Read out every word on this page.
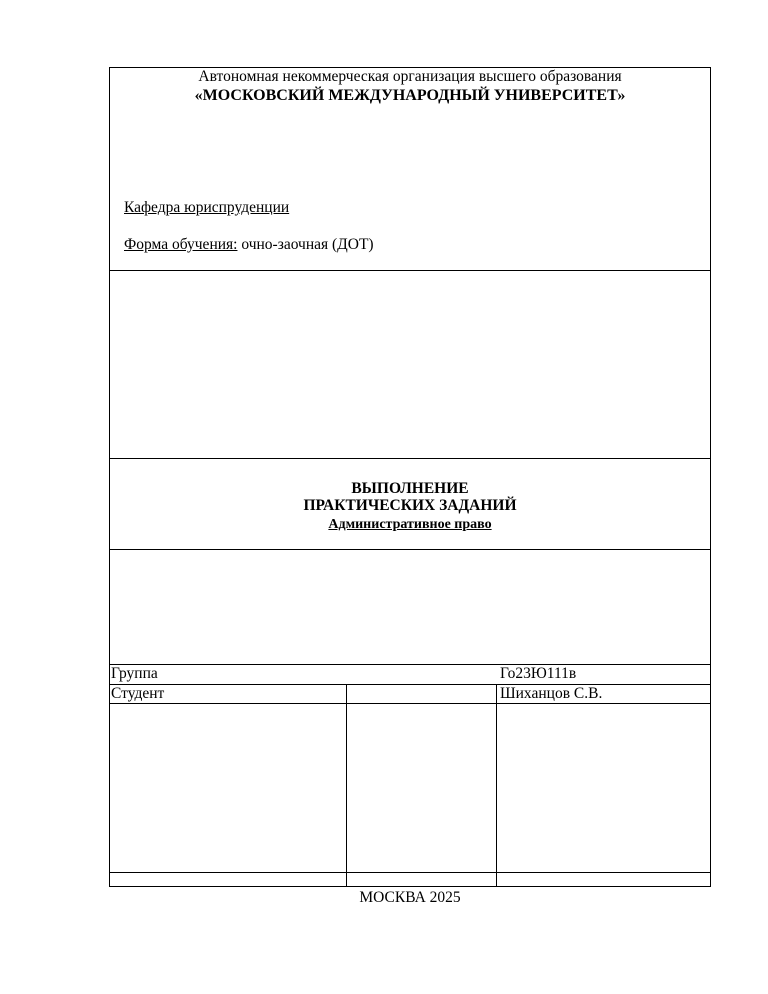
Автономная некоммерческая организация высшего образования
«МОСКОВСКИЙ МЕЖДУНАРОДНЫЙ УНИВЕРСИТЕТ»
Кафедра юриспруденции
Форма обучения: очно-заочная (ДОТ)
ВЫПОЛНЕНИЕ
ПРАКТИЧЕСКИХ ЗАДАНИЙ
Административное право
Группа	Го23Ю111в
Студент	Шиханцов С.В.
МОСКВА 2025
